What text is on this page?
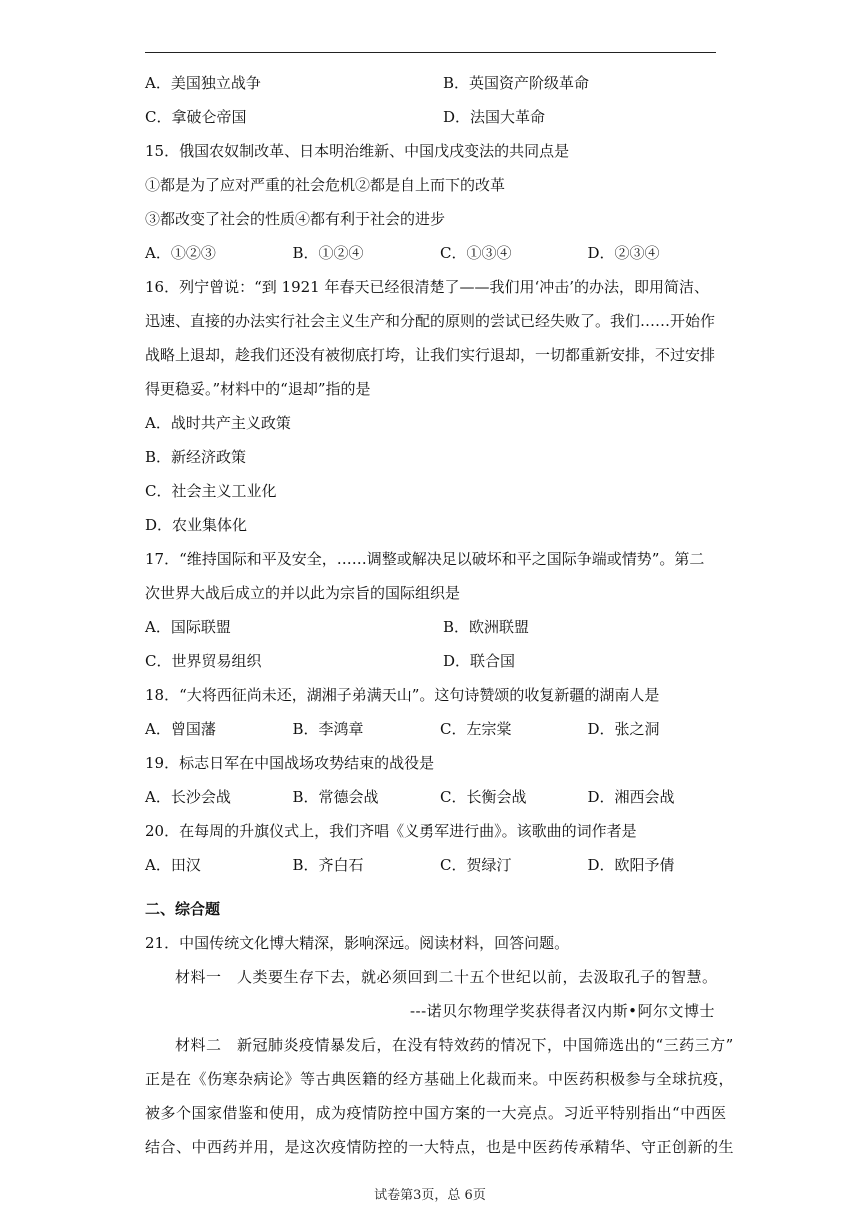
A．美国独立战争	B．英国资产阶级革命
C．拿破仑帝国	D．法国大革命
15．俄国农奴制改革、日本明治维新、中国戊戌变法的共同点是
①都是为了应对严重的社会危机②都是自上而下的改革
③都改变了社会的性质④都有利于社会的进步
A．①②③	B．①②④	C．①③④	D．②③④
16．列宁曾说：“到 1921 年春天已经很清楚了——我们用‘冲击’的办法，即用简洁、
迅速、直接的办法实行社会主义生产和分配的原则的尝试已经失败了。我们……开始作
战略上退却，趁我们还没有被彻底打垮，让我们实行退却，一切都重新安排，不过安排
得更稳妥。”材料中的“退却”指的是
A．战时共产主义政策
B．新经济政策
C．社会主义工业化
D．农业集体化
17．“维持国际和平及安全，……调整或解决足以破坏和平之国际争端或情势”。第二
次世界大战后成立的并以此为宗旨的国际组织是
A．国际联盟	B．欧洲联盟
C．世界贸易组织	D．联合国
18．“大将西征尚未还，湖湘子弟满天山”。这句诗赞颂的收复新疆的湖南人是
A．曾国藩	B．李鸿章	C．左宗棠	D．张之洞
19．标志日军在中国战场攻势结束的战役是
A．长沙会战	B．常德会战	C．长衡会战	D．湘西会战
20．在每周的升旗仪式上，我们齐唱《义勇军进行曲》。该歌曲的词作者是
A．田汉	B．齐白石	C．贺绿汀	D．欧阳予倩
二、综合题
21．中国传统文化博大精深，影响深远。阅读材料，回答问题。
材料一　人类要生存下去，就必须回到二十五个世纪以前，去汲取孔子的智慧。
---诺贝尔物理学奖获得者汉内斯•阿尔文博士
材料二　新冠肺炎疫情暴发后，在没有特效药的情况下，中国筛选出的“三药三方”
正是在《伤寒杂病论》等古典医籍的经方基础上化裁而来。中医药积极参与全球抗疫，
被多个国家借鉴和使用，成为疫情防控中国方案的一大亮点。习近平特别指出“中西医
结合、中西药并用，是这次疫情防控的一大特点，也是中医药传承精华、守正创新的生
试卷第3页，总 6页
